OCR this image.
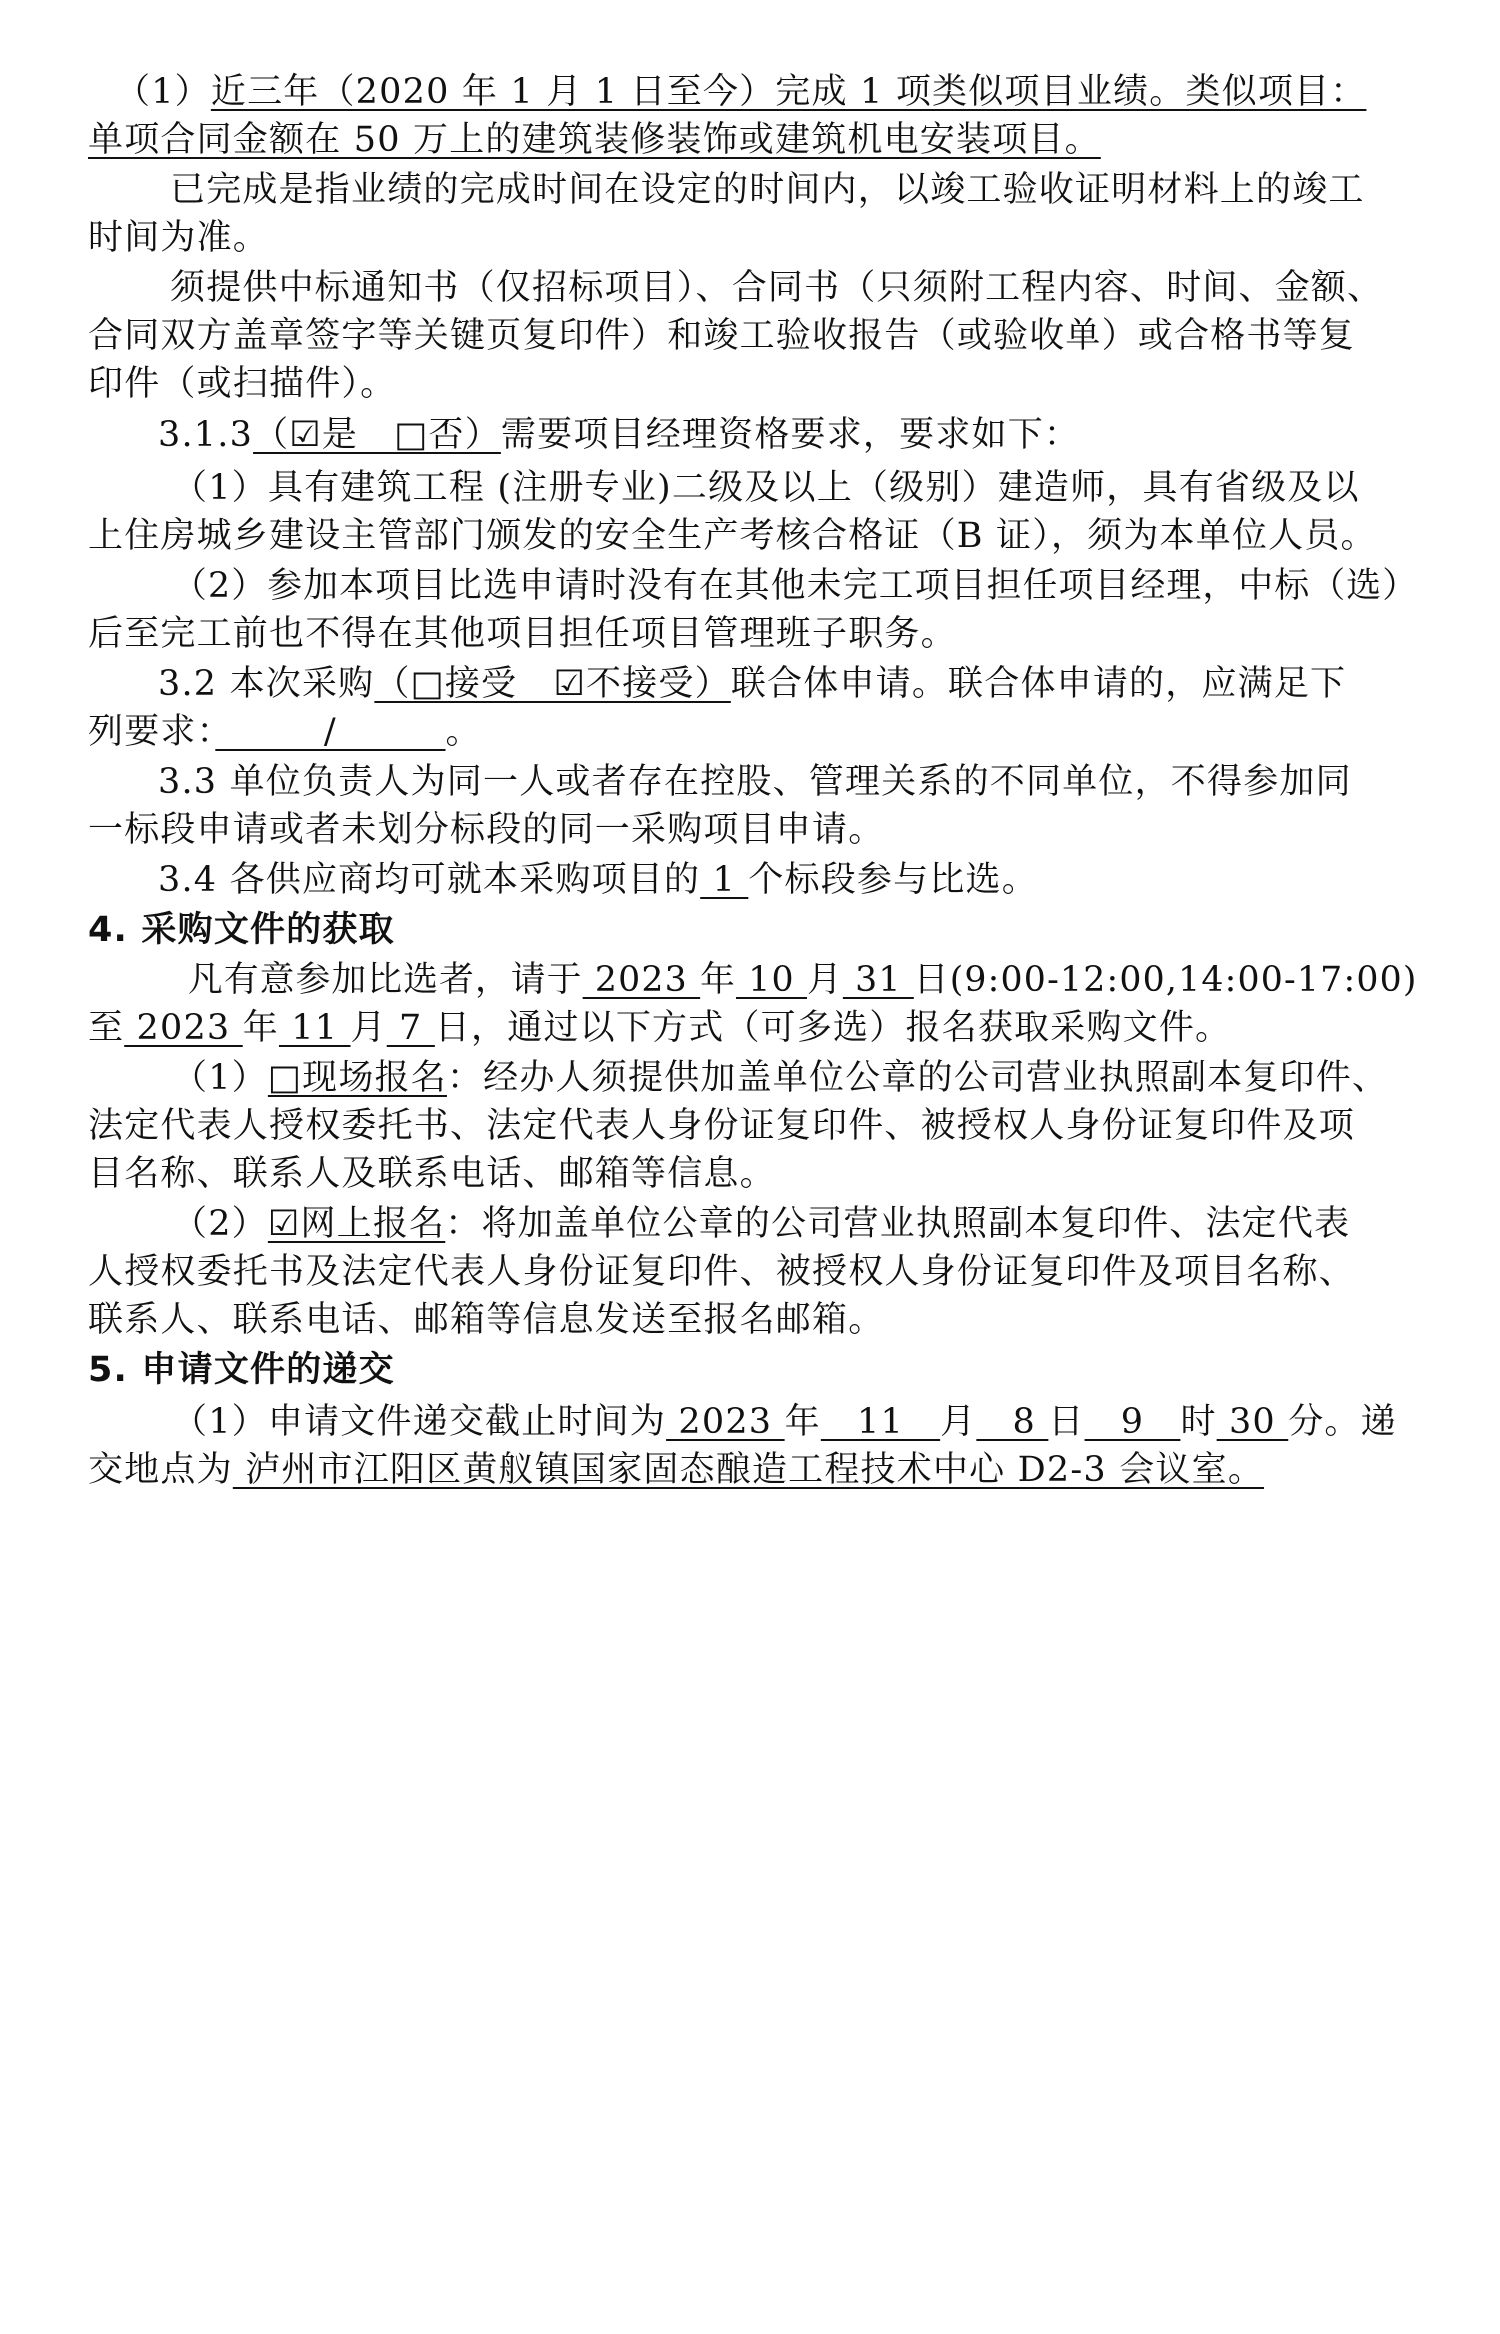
（1）近三年（2020 年 1 月 1 日至今）完成 1 项类似项目业绩。类似项目：
单项合同金额在 50 万上的建筑装修装饰或建筑机电安装项目。
已完成是指业绩的完成时间在设定的时间内，以竣工验收证明材料上的竣工
时间为准。
须提供中标通知书（仅招标项目）、合同书（只须附工程内容、时间、金额、
合同双方盖章签字等关键页复印件）和竣工验收报告（或验收单）或合格书等复
印件（或扫描件）。
3.1.3（☑是　□否）需要项目经理资格要求，要求如下：
（1）具有建筑工程 (注册专业)二级及以上（级别）建造师，具有省级及以
上住房城乡建设主管部门颁发的安全生产考核合格证（B 证），须为本单位人员。
（2）参加本项目比选申请时没有在其他未完工项目担任项目经理，中标（选）
后至完工前也不得在其他项目担任项目管理班子职务。
3.2 本次采购（□接受　☑不接受）联合体申请。联合体申请的，应满足下
列要求：　　　/　　　。
3.3 单位负责人为同一人或者存在控股、管理关系的不同单位，不得参加同
一标段申请或者未划分标段的同一采购项目申请。
3.4 各供应商均可就本采购项目的 1 个标段参与比选。
4. 采购文件的获取
凡有意参加比选者，请于 2023 年 10 月 31 日(9:00-12:00,14:00-17:00)
至 2023 年 11 月 7 日，通过以下方式（可多选）报名获取采购文件。
（1）□现场报名：经办人须提供加盖单位公章的公司营业执照副本复印件、
法定代表人授权委托书、法定代表人身份证复印件、被授权人身份证复印件及项
目名称、联系人及联系电话、邮箱等信息。
（2）☑网上报名：将加盖单位公章的公司营业执照副本复印件、法定代表
人授权委托书及法定代表人身份证复印件、被授权人身份证复印件及项目名称、
联系人、联系电话、邮箱等信息发送至报名邮箱。
5. 申请文件的递交
（1）申请文件递交截止时间为 2023 年　11　月　8 日　9　时 30 分。递
交地点为 泸州市江阳区黄舣镇国家固态酿造工程技术中心 D2-3 会议室。
